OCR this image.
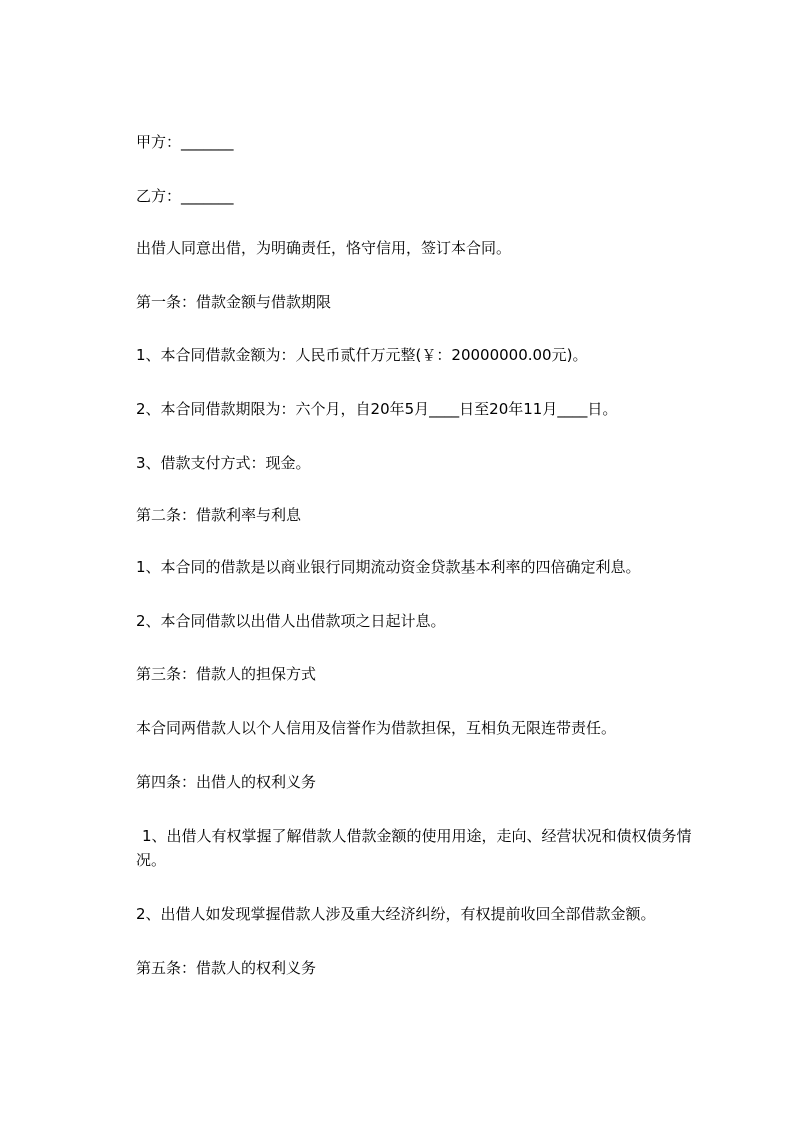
甲方：_______
乙方：_______
出借人同意出借，为明确责任，恪守信用，签订本合同。
第一条：借款金额与借款期限
1、本合同借款金额为：人民币贰仟万元整(￥：20000000.00元)。
2、本合同借款期限为：六个月，自20年5月____日至20年11月____日。
3、借款支付方式：现金。
第二条：借款利率与利息
1、本合同的借款是以商业银行同期流动资金贷款基本利率的四倍确定利息。
2、本合同借款以出借人出借款项之日起计息。
第三条：借款人的担保方式
本合同两借款人以个人信用及信誉作为借款担保，互相负无限连带责任。
第四条：出借人的权利义务
1、出借人有权掌握了解借款人借款金额的使用用途，走向、经营状况和债权债务情况。
2、出借人如发现掌握借款人涉及重大经济纠纷，有权提前收回全部借款金额。
第五条：借款人的权利义务
